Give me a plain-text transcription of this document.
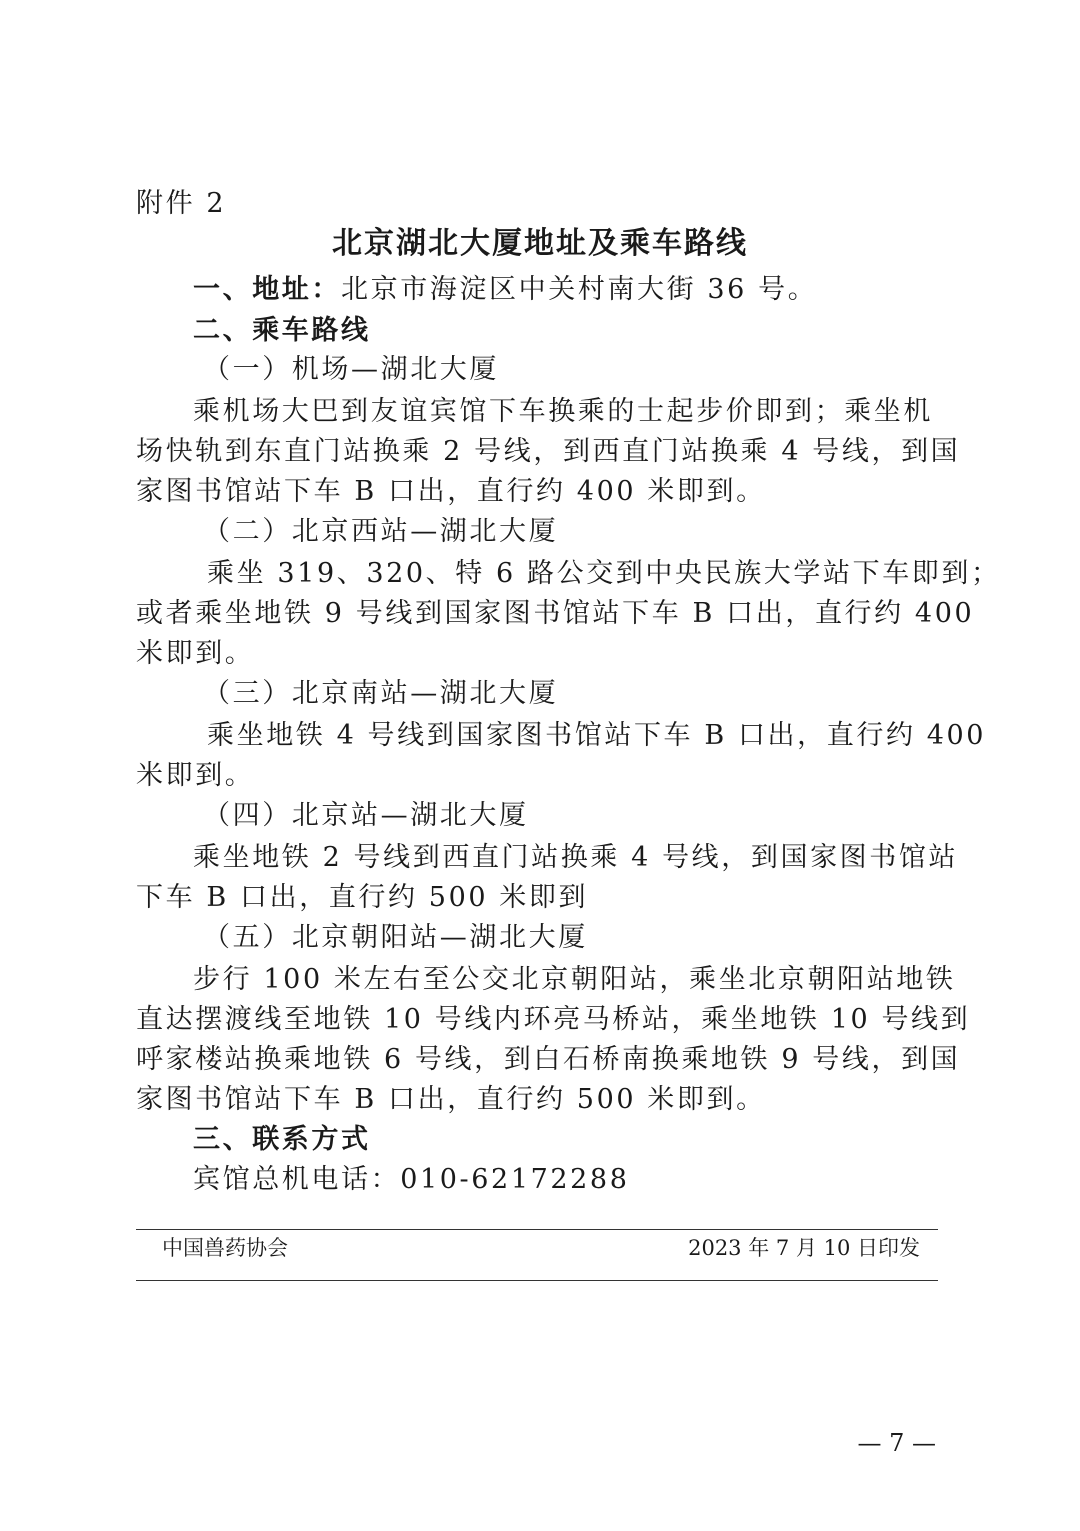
附件 2
北京湖北大厦地址及乘车路线
一、地址：北京市海淀区中关村南大街 36 号。
二、乘车路线
（一）机场—湖北大厦
乘机场大巴到友谊宾馆下车换乘的士起步价即到；乘坐机
场快轨到东直门站换乘 2 号线，到西直门站换乘 4 号线，到国
家图书馆站下车 B 口出，直行约 400 米即到。
（二）北京西站—湖北大厦
乘坐 319、320、特 6 路公交到中央民族大学站下车即到；
或者乘坐地铁 9 号线到国家图书馆站下车 B 口出，直行约 400
米即到。
（三）北京南站—湖北大厦
乘坐地铁 4 号线到国家图书馆站下车 B 口出，直行约 400
米即到。
（四）北京站—湖北大厦
乘坐地铁 2 号线到西直门站换乘 4 号线，到国家图书馆站
下车 B 口出，直行约 500 米即到
（五）北京朝阳站—湖北大厦
步行 100 米左右至公交北京朝阳站，乘坐北京朝阳站地铁
直达摆渡线至地铁 10 号线内环亮马桥站，乘坐地铁 10 号线到
呼家楼站换乘地铁 6 号线，到白石桥南换乘地铁 9 号线，到国
家图书馆站下车 B 口出，直行约 500 米即到。
三、联系方式
宾馆总机电话：010-62172288
中国兽药协会	2023 年 7 月 10 日印发
— 7 —
